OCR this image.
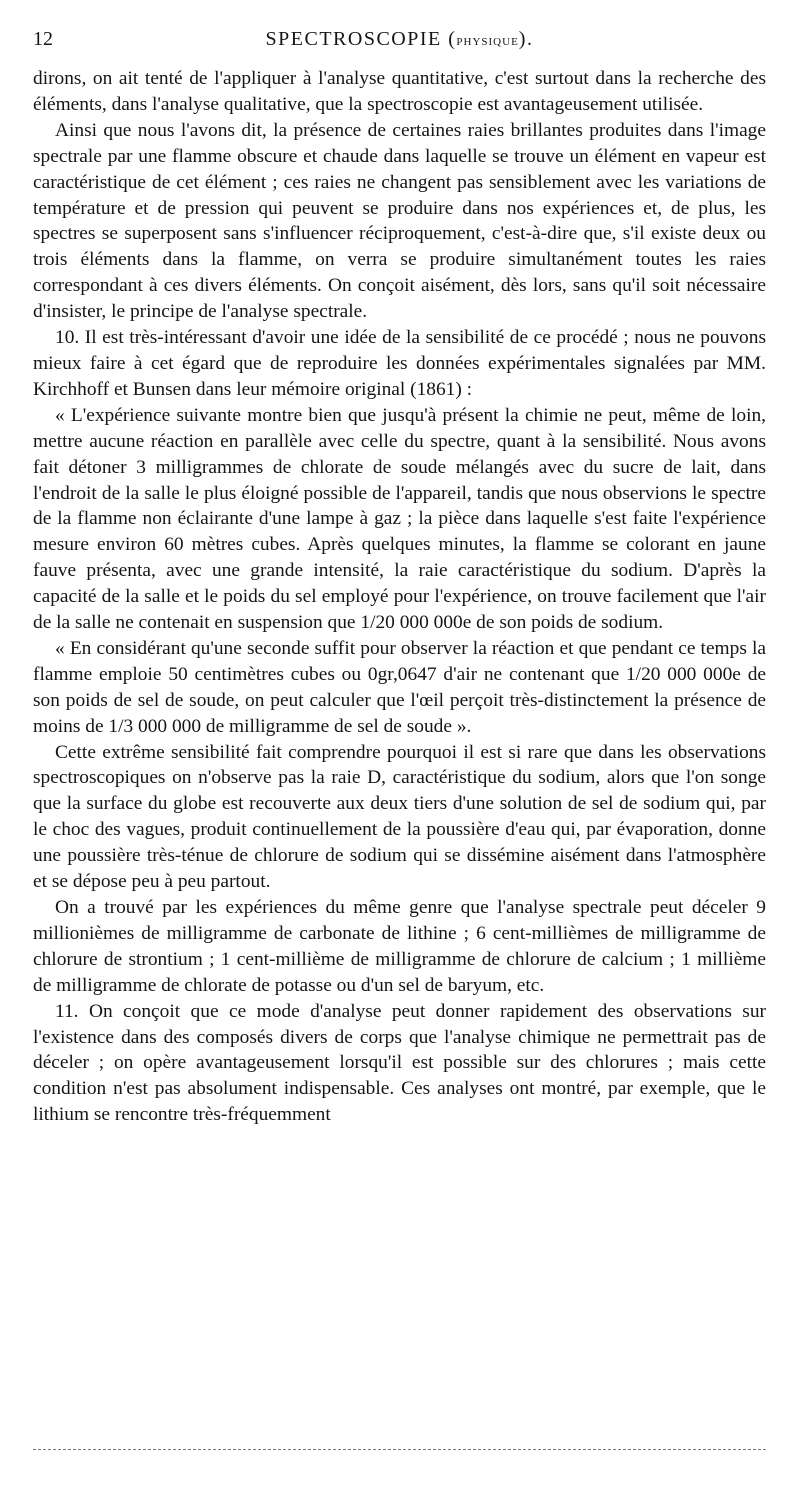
12	SPECTROSCOPIE (physique).

dirons, on ait tenté de l'appliquer à l'analyse quantitative, c'est surtout dans la recherche des éléments, dans l'analyse qualitative, que la spectroscopie est avantageusement utilisée.

Ainsi que nous l'avons dit, la présence de certaines raies brillantes produites dans l'image spectrale par une flamme obscure et chaude dans laquelle se trouve un élément en vapeur est caractéristique de cet élément ; ces raies ne changent pas sensiblement avec les variations de température et de pression qui peuvent se produire dans nos expériences et, de plus, les spectres se superposent sans s'influencer réciproquement, c'est-à-dire que, s'il existe deux ou trois éléments dans la flamme, on verra se produire simultanément toutes les raies correspondant à ces divers éléments. On conçoit aisément, dès lors, sans qu'il soit nécessaire d'insister, le principe de l'analyse spectrale.

10. Il est très-intéressant d'avoir une idée de la sensibilité de ce procédé ; nous ne pouvons mieux faire à cet égard que de reproduire les données expérimentales signalées par MM. Kirchhoff et Bunsen dans leur mémoire original (1861) :

« L'expérience suivante montre bien que jusqu'à présent la chimie ne peut, même de loin, mettre aucune réaction en parallèle avec celle du spectre, quant à la sensibilité. Nous avons fait détoner 3 milligrammes de chlorate de soude mélangés avec du sucre de lait, dans l'endroit de la salle le plus éloigné possible de l'appareil, tandis que nous observions le spectre de la flamme non éclairante d'une lampe à gaz ; la pièce dans laquelle s'est faite l'expérience mesure environ 60 mètres cubes. Après quelques minutes, la flamme se colorant en jaune fauve présenta, avec une grande intensité, la raie caractéristique du sodium. D'après la capacité de la salle et le poids du sel employé pour l'expérience, on trouve facilement que l'air de la salle ne contenait en suspension que 1/20 000 000e de son poids de sodium.

« En considérant qu'une seconde suffit pour observer la réaction et que pendant ce temps la flamme emploie 50 centimètres cubes ou 0gr,0647 d'air ne contenant que 1/20 000 000e de son poids de sel de soude, on peut calculer que l'œil perçoit très-distinctement la présence de moins de 1/3 000 000 de milligramme de sel de soude ».

Cette extrême sensibilité fait comprendre pourquoi il est si rare que dans les observations spectroscopiques on n'observe pas la raie D, caractéristique du sodium, alors que l'on songe que la surface du globe est recouverte aux deux tiers d'une solution de sel de sodium qui, par le choc des vagues, produit continuellement de la poussière d'eau qui, par évaporation, donne une poussière très-ténue de chlorure de sodium qui se dissémine aisément dans l'atmosphère et se dépose peu à peu partout.

On a trouvé par les expériences du même genre que l'analyse spectrale peut déceler 9 millionièmes de milligramme de carbonate de lithine ; 6 cent-millièmes de milligramme de chlorure de strontium ; 1 cent-millième de milligramme de chlorure de calcium ; 1 millième de milligramme de chlorate de potasse ou d'un sel de baryum, etc.

11. On conçoit que ce mode d'analyse peut donner rapidement des observations sur l'existence dans des composés divers de corps que l'analyse chimique ne permettrait pas de déceler ; on opère avantageusement lorsqu'il est possible sur des chlorures ; mais cette condition n'est pas absolument indispensable. Ces analyses ont montré, par exemple, que le lithium se rencontre très-fréquemment
